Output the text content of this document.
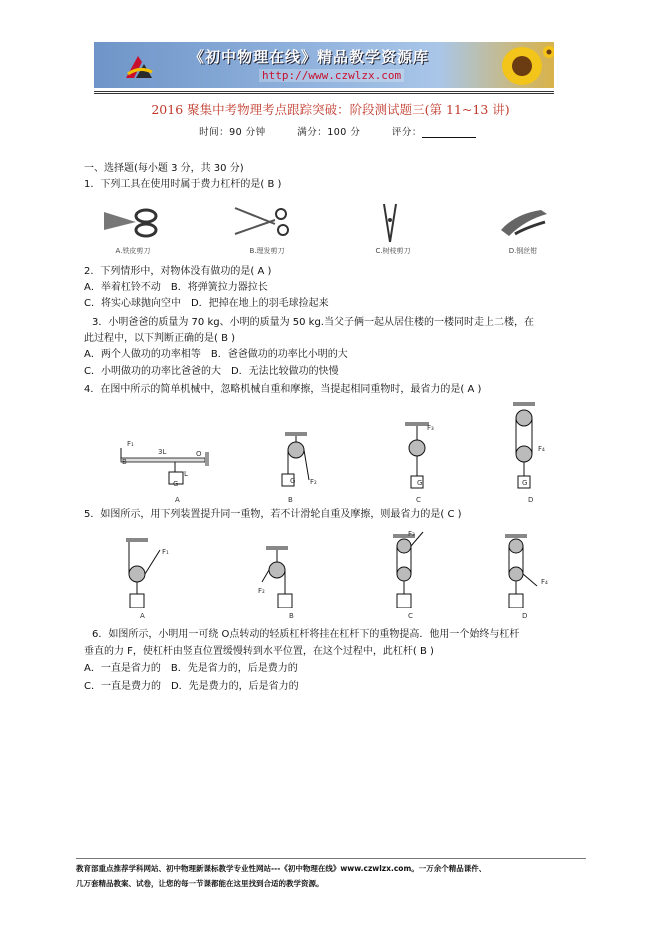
《初中物理在线》精品教学资源库
http://www.czwlzx.com
2016 聚集中考物理考点跟踪突破：阶段测试题三(第 11~13 讲)
时间：90 分钟	满分：100 分	评分：
一、选择题(每小题 3 分，共 30 分)
1．下列工具在使用时属于费力杠杆的是( B )
A.铁皮剪刀	B.理发剪刀	C.树枝剪刀	D.钢丝钳
2．下列情形中，对物体没有做功的是( A )
A．举着杠铃不动　B．将弹簧拉力器拉长
C．将实心球抛向空中　D．把掉在地上的羽毛球捡起来
3．小明爸爸的质量为 70 kg、小明的质量为 50 kg.当父子俩一起从居住楼的一楼同时走上二楼，在
此过程中，以下判断正确的是( B )
A．两个人做功的功率相等　B．爸爸做功的功率比小明的大
C．小明做功的功率比爸爸的大　D．无法比较做功的快慢
4．在图中所示的简单机械中，忽略机械自重和摩擦，当提起相同重物时，最省力的是( A )
F₁
B
3L	O
L
G	F₂
F₃
F₄
G	G	G
A	B	C	D
5．如图所示，用下列装置提升同一重物，若不计滑轮自重及摩擦，则最省力的是( C )
F₁
F₂
F₃
F₄
A	B	C	D
6．如图所示，小明用一可绕 O点转动的轻质杠杆将挂在杠杆下的重物提高．他用一个始终与杠杆
垂直的力 F，使杠杆由竖直位置缓慢转到水平位置，在这个过程中，此杠杆( B )
A．一直是省力的　B．先是省力的，后是费力的
C．一直是费力的　D．先是费力的，后是省力的
教育部重点推荐学科网站、初中物理新课标教学专业性网站---《初中物理在线》www.czwlzx.com。一万余个精品课件、
几万套精品教案、试卷，让您的每一节课都能在这里找到合适的教学资源。
